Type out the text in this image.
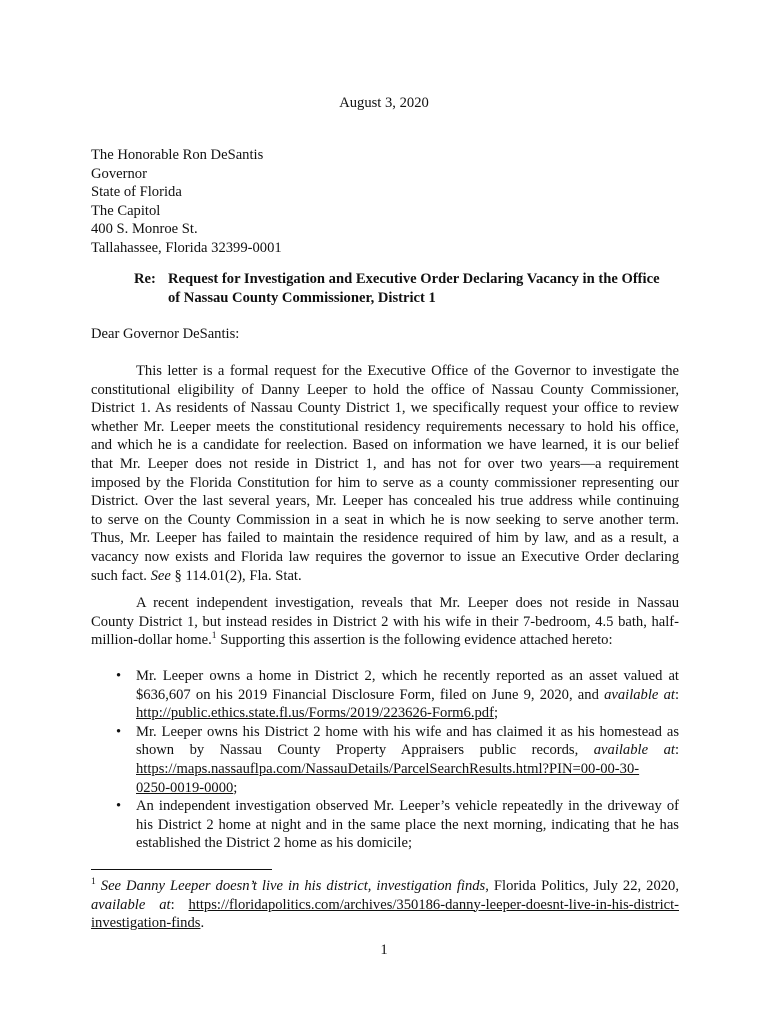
August 3, 2020
The Honorable Ron DeSantis
Governor
State of Florida
The Capitol
400 S. Monroe St.
Tallahassee, Florida 32399-0001
Re: Request for Investigation and Executive Order Declaring Vacancy in the Office
of Nassau County Commissioner, District 1
Dear Governor DeSantis:
This letter is a formal request for the Executive Office of the Governor to investigate the
constitutional eligibility of Danny Leeper to hold the office of Nassau County Commissioner,
District 1. As residents of Nassau County District 1, we specifically request your office to review
whether Mr. Leeper meets the constitutional residency requirements necessary to hold his office,
and which he is a candidate for reelection. Based on information we have learned, it is our belief
that Mr. Leeper does not reside in District 1, and has not for over two years—a requirement
imposed by the Florida Constitution for him to serve as a county commissioner representing our
District. Over the last several years, Mr. Leeper has concealed his true address while continuing
to serve on the County Commission in a seat in which he is now seeking to serve another term.
Thus, Mr. Leeper has failed to maintain the residence required of him by law, and as a result, a
vacancy now exists and Florida law requires the governor to issue an Executive Order declaring
such fact. See § 114.01(2), Fla. Stat.
A recent independent investigation, reveals that Mr. Leeper does not reside in Nassau
County District 1, but instead resides in District 2 with his wife in their 7-bedroom, 4.5 bath, half-
million-dollar home.$^1$ Supporting this assertion is the following evidence attached hereto:
• Mr. Leeper owns a home in District 2, which he recently reported as an asset valued at
$636,607 on his 2019 Financial Disclosure Form, filed on June 9, 2020, and available at:
http://public.ethics.state.fl.us/Forms/2019/223626-Form6.pdf;
• Mr. Leeper owns his District 2 home with his wife and has claimed it as his homestead as
shown by Nassau County Property Appraisers public records, available at:
https://maps.nassauflpa.com/NassauDetails/ParcelSearchResults.html?PIN=00-00-30-
0250-0019-0000;
• An independent investigation observed Mr. Leeper’s vehicle repeatedly in the driveway of
his District 2 home at night and in the same place the next morning, indicating that he has
established the District 2 home as his domicile;
$^1$ See Danny Leeper doesn’t live in his district, investigation finds, Florida Politics, July 22, 2020,
available at: https://floridapolitics.com/archives/350186-danny-leeper-doesnt-live-in-his-district-
investigation-finds.
1
